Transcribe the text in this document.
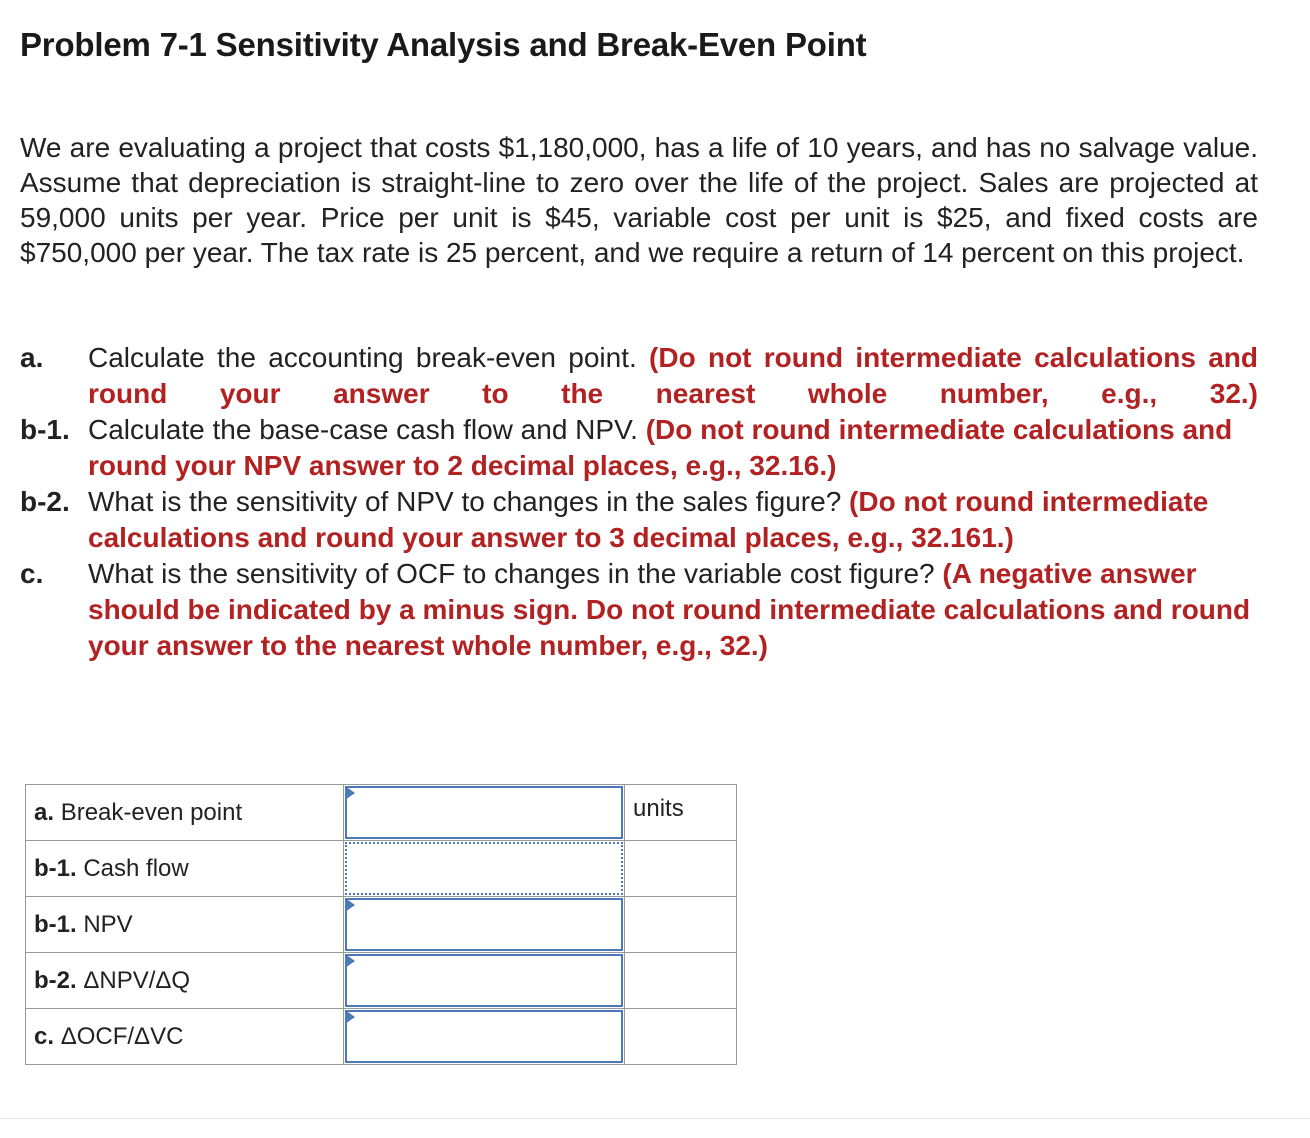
Problem 7-1 Sensitivity Analysis and Break-Even Point
We are evaluating a project that costs $1,180,000, has a life of 10 years, and has no salvage value. Assume that depreciation is straight-line to zero over the life of the project. Sales are projected at 59,000 units per year. Price per unit is $45, variable cost per unit is $25, and fixed costs are $750,000 per year. The tax rate is 25 percent, and we require a return of 14 percent on this project.
a.	Calculate the accounting break-even point. (Do not round intermediate calculations and round your answer to the nearest whole number, e.g., 32.)
b-1. Calculate the base-case cash flow and NPV. (Do not round intermediate calculations and round your NPV answer to 2 decimal places, e.g., 32.16.)
b-2. What is the sensitivity of NPV to changes in the sales figure? (Do not round intermediate calculations and round your answer to 3 decimal places, e.g., 32.161.)
c.	What is the sensitivity of OCF to changes in the variable cost figure? (A negative answer should be indicated by a minus sign. Do not round intermediate calculations and round your answer to the nearest whole number, e.g., 32.)
a. Break-even point		units
b-1. Cash flow	

b-1. NPV	

b-2. ΔNPV/ΔQ	

c. ΔOCF/ΔVC	
